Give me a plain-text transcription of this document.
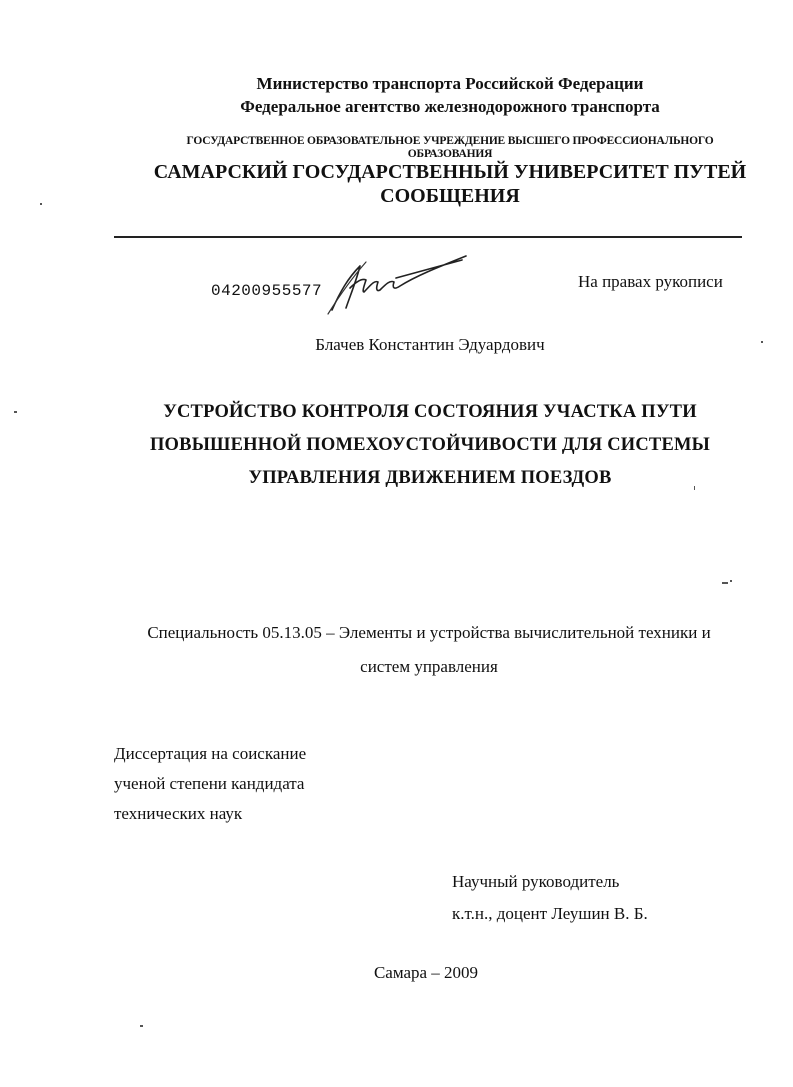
Министерство транспорта Российской Федерации
Федеральное агентство железнодорожного транспорта
ГОСУДАРСТВЕННОЕ ОБРАЗОВАТЕЛЬНОЕ УЧРЕЖДЕНИЕ ВЫСШЕГО ПРОФЕССИОНАЛЬНОГО ОБРАЗОВАНИЯ
САМАРСКИЙ ГОСУДАРСТВЕННЫЙ УНИВЕРСИТЕТ ПУТЕЙ СООБЩЕНИЯ
04200955577	На правах рукописи
Блачев Константин Эдуардович
УСТРОЙСТВО КОНТРОЛЯ СОСТОЯНИЯ УЧАСТКА ПУТИ
ПОВЫШЕННОЙ ПОМЕХОУСТОЙЧИВОСТИ ДЛЯ СИСТЕМЫ
УПРАВЛЕНИЯ ДВИЖЕНИЕМ ПОЕЗДОВ
Специальность 05.13.05 – Элементы и устройства вычислительной техники и
систем управления
Диссертация на соискание
ученой степени кандидата
технических наук
Научный руководитель
к.т.н., доцент Леушин В. Б.
Самара – 2009
